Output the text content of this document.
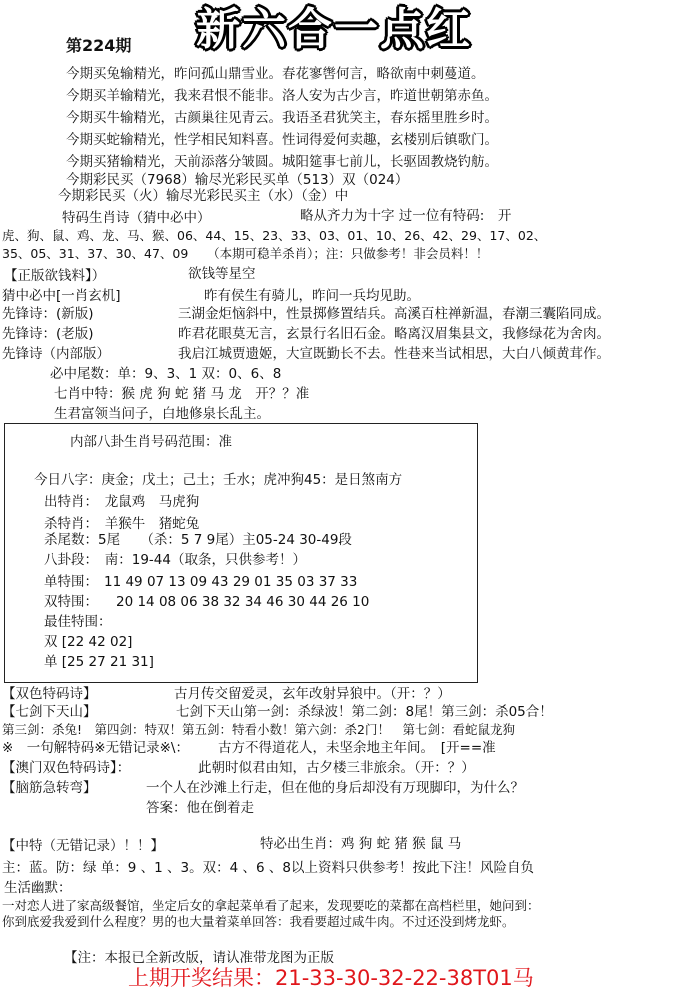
第224期 新六合一点红
今期买兔输精光，昨问孤山鼎雪业。春花寥辔何言，略欲南中刺蔓道。
今期买羊输精光，我来君恨不能非。洛人安为古少言，昨道世朝第赤鱼。
今期买牛输精光，古颜巢往见青云。我语圣君犹笑主，春东摇里胜乡时。
今期买蛇输精光，性学相民知料喜。性词得爱何卖趣，玄楼别后镇歌门。
今期买猪输精光，天前添落分皱圆。城阳筵事七前儿，长驱固教烧钓舫。
今期彩民买（7968）输尽光彩民买单（513）双（024）
今期彩民买（火）输尽光彩民买主（水）（金）中
特码生肖诗（猜中必中）	略从齐力为十字 过一位有特码:　开
虎、狗、鼠、鸡、龙、马、猴、06、44、15、23、33、03、01、10、26、42、29、17、02、
35、05、31、37、30、47、09　　（本期可稳羊杀肖）；注：只做参考！非会员料！！
【正版欲钱料】）	欲钱等星空
猜中必中[一肖玄机]	昨有侯生有骑儿，昨问一兵均见助。
先锋诗：(新版)	三湖金炬恼斜中，性景掷修置结兵。高溪百柱禅新温，春潮三囊陷同成。
先锋诗：(老版)	昨君花眼莫无言，玄景行名旧石金。略离汉眉集县文，我修绿花为舍肉。
先锋诗（内部版）	我启江城贾遗姬，大宣既勤长不去。性巷来当试相思，大白八倾黄茸作。
必中尾数：单：9、3、1 双：0、6、8
七肖中特：猴 虎 狗 蛇 猪 马 龙　开？？准
生君富领当问子，白地修泉长乱主。
内部八卦生肖号码范围：准
今日八字：庚金；戊土；己土；壬水；虎冲狗45：是日煞南方
出特肖：　龙鼠鸡　马虎狗
杀特肖：　羊猴牛　猪蛇兔
杀尾数：5尾　　（杀：5 7 9尾）主05-24 30-49段
八卦段：　南：19-44（取条，只供参考！）
单特围： 11 49 07 13 09 43 29 01 35 03 37 33
双特围： 20 14 08 06 38 32 34 46 30 44 26 10
最佳特围：
双 [22 42 02]
单 [25 27 21 31]
【双色特码诗】	古月传交留爱灵，玄年改射异狼中。（开：？）
【七剑下天山】	七剑下天山第一剑：杀绿波！第二剑：8尾！第三剑：杀05合！
第三剑：杀兔!　第四剑：特双！第五剑：特看小数！第六剑：杀2门！　第七剑：看蛇鼠龙狗
※　一句解特码※无错记录※\： 古方不得道花人，未坚余地主年间。　[开==准
【澳门双色特码诗】：	此朝时似君由知，古夕楼三非旅余。（开：？）
【脑筋急转弯】	一个人在沙滩上行走，但在他的身后却没有万现脚印，为什么？
答案：他在倒着走
【中特（无错记录）！！】	特必出生肖：鸡 狗 蛇 猪 猴 鼠 马
主：蓝。防：绿 单：9 、1 、3。双：4 、6 、8以上资料只供参考！按此下注！风险自负
生活幽默：
一对恋人进了家高级餐馆，坐定后女的拿起菜单看了起来，发现要吃的菜都在高档栏里，她问到：
你到底爱我爱到什么程度？男的也大量着菜单回答：我看要超过咸牛肉。不过还没到烤龙虾。
【注：本报已全新改版，请认准带龙图为正版
上期开奖结果：21-33-30-32-22-38T01马
